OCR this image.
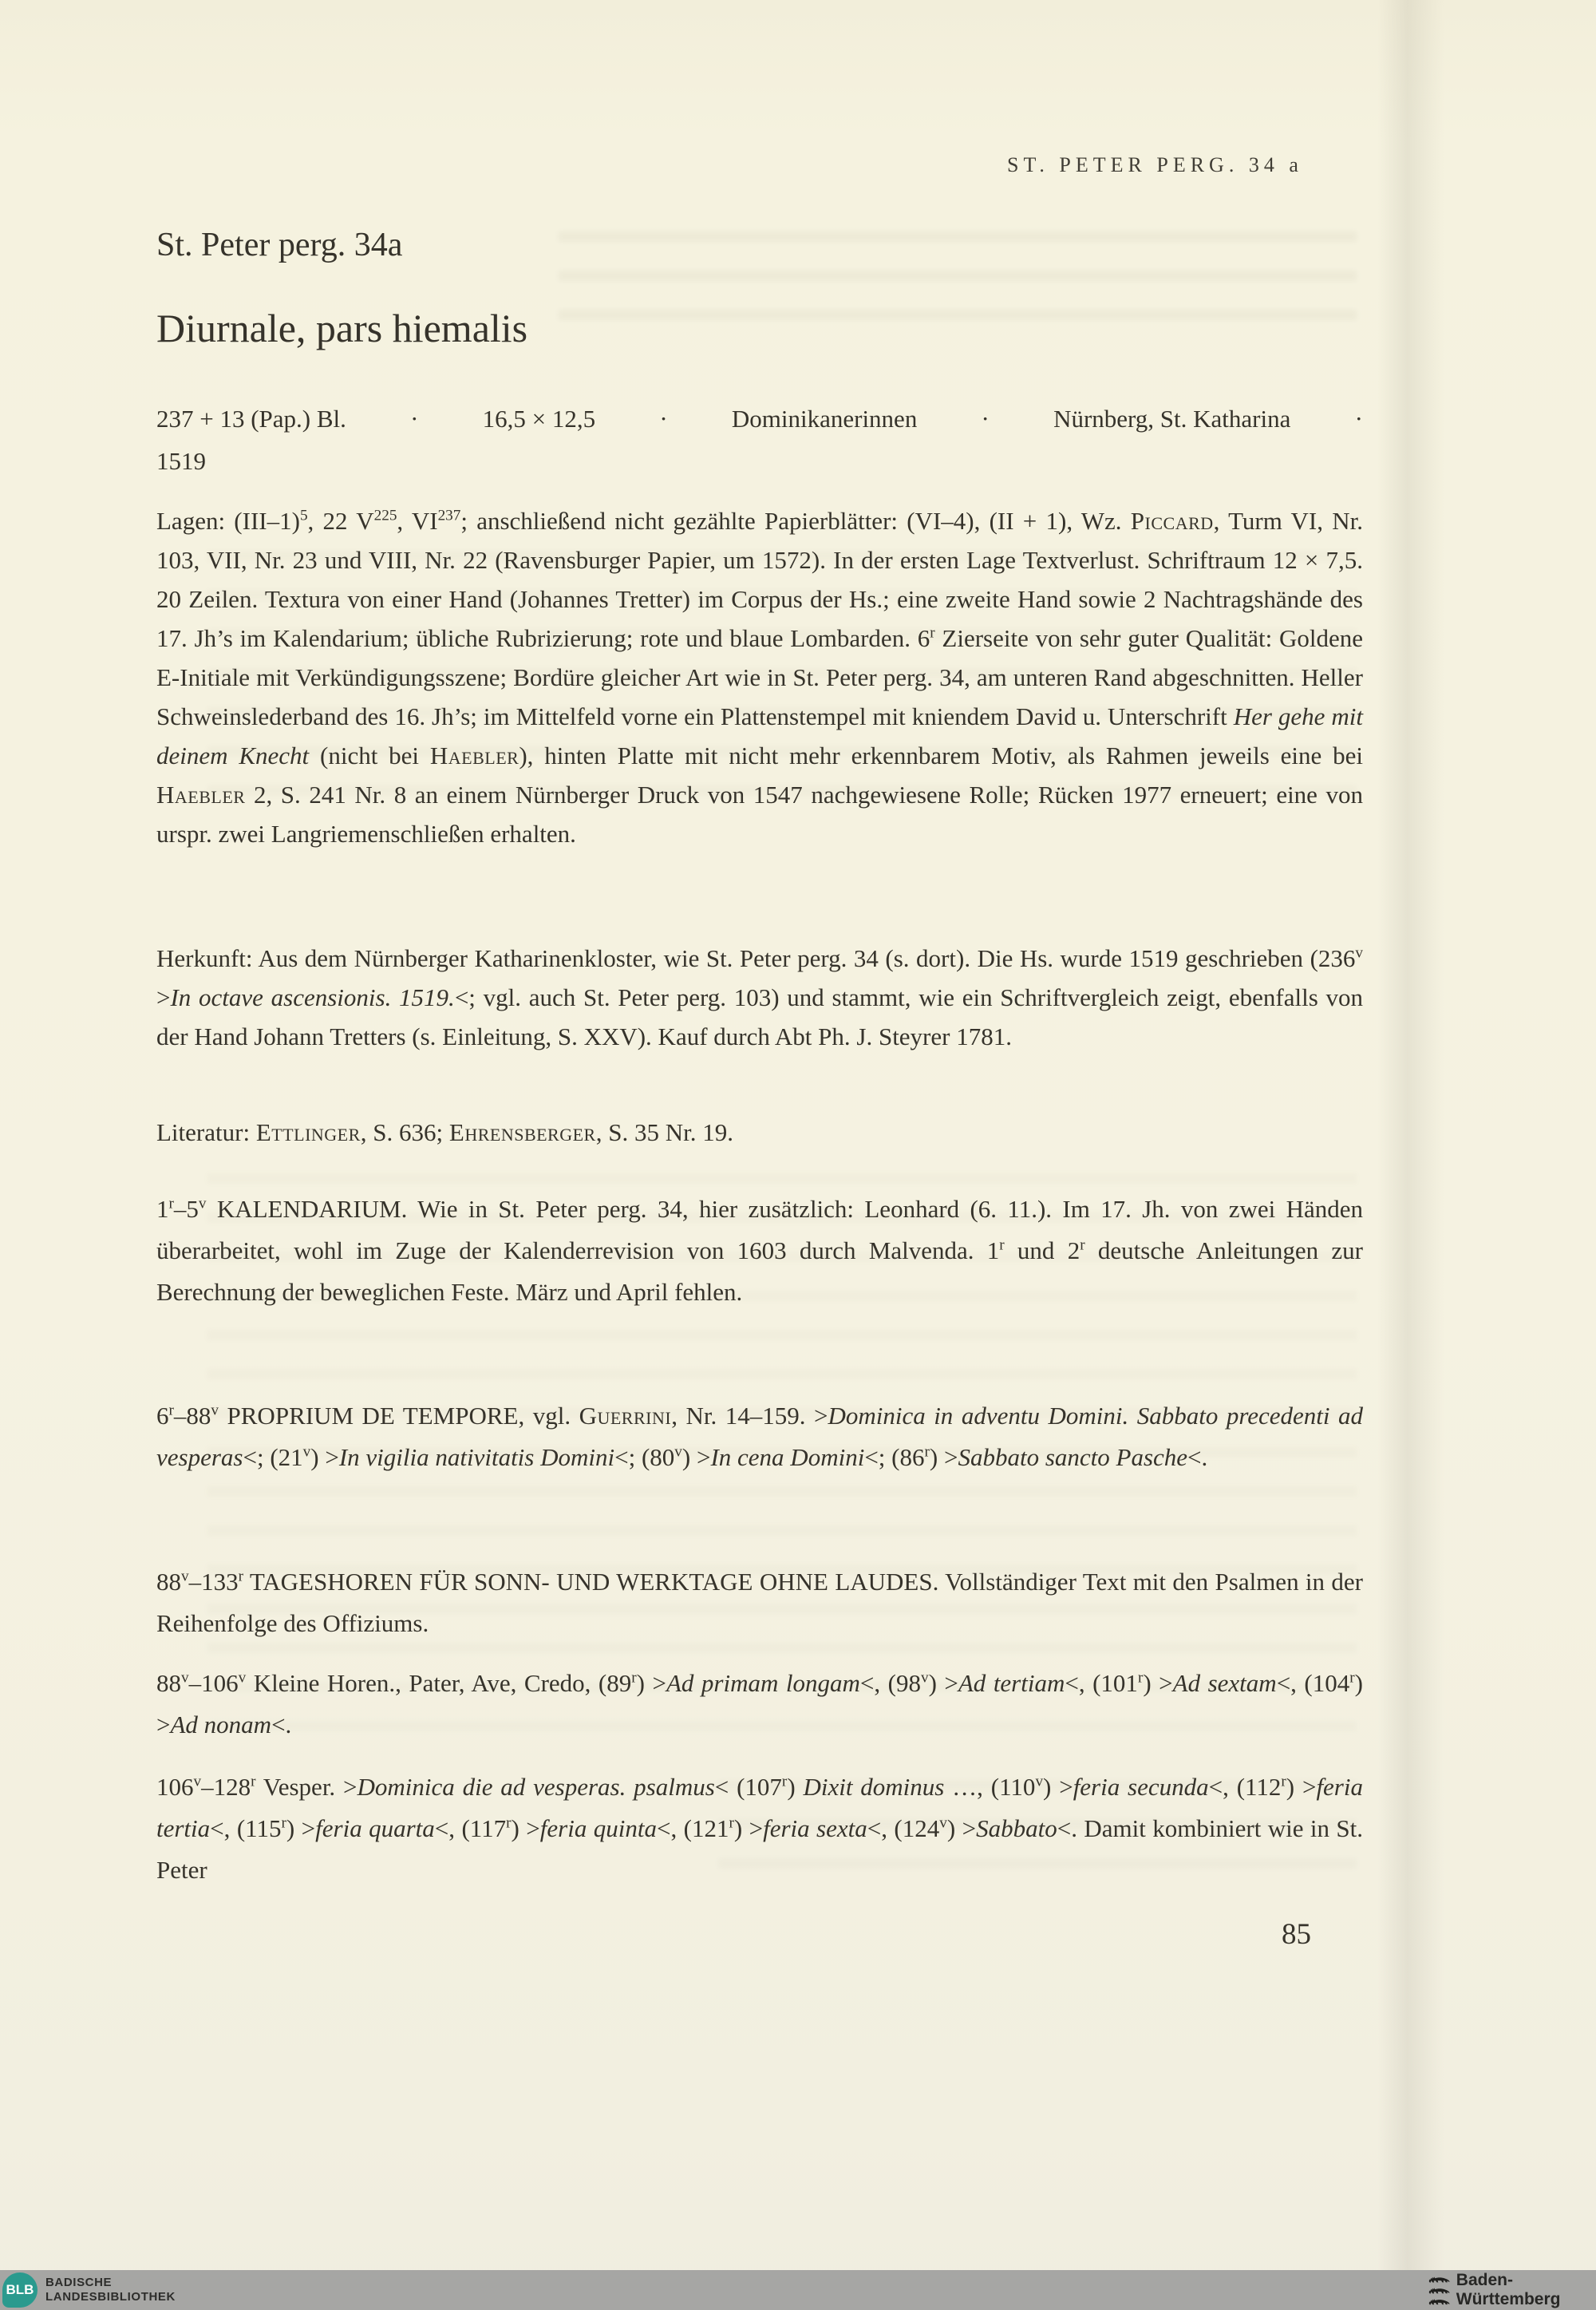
ST. PETER PERG. 34 a
St. Peter perg. 34a
Diurnale, pars hiemalis
237 + 13 (Pap.) Bl.	·	16,5 × 12,5	·	Dominikanerinnen	·	Nürnberg, St. Katharina	·
1519

Lagen: $(III-1)^5$, 22 $V^{225}$, VI$^{237}$; anschließend nicht gezählte Papierblätter: (VI–4), (II + 1), Wz. Piccard, Turm VI, Nr. 103, VII, Nr. 23 und VIII, Nr. 22 (Ravensburger Papier, um 1572). In der ersten Lage Textverlust. Schriftraum 12 × 7,5. 20 Zeilen. Textura von einer Hand (Johannes Tretter) im Corpus der Hs.; eine zweite Hand sowie 2 Nachtragshände des 17. Jh’s im Kalendarium; übliche Rubrizierung; rote und blaue Lombarden. 6$^r$ Zierseite von sehr guter Qualität: Goldene E-Initiale mit Verkündigungsszene; Bordüre gleicher Art wie in St. Peter perg. 34, am unteren Rand abgeschnitten. Heller Schweinslederband des 16. Jh’s; im Mittelfeld vorne ein Plattenstempel mit kniendem David u. Unterschrift Her gehe mit deinem Knecht (nicht bei Haebler), hinten Platte mit nicht mehr erkennbarem Motiv, als Rahmen jeweils eine bei Haebler 2, S. 241 Nr. 8 an einem Nürnberger Druck von 1547 nachgewiesene Rolle; Rücken 1977 erneuert; eine von urspr. zwei Langriemenschließen erhalten.

Herkunft: Aus dem Nürnberger Katharinenkloster, wie St. Peter perg. 34 (s. dort). Die Hs. wurde 1519 geschrieben ($236^v >In$ octave ascensionis. 1519.<; vgl. auch St. Peter perg. 103) und stammt, wie ein Schriftvergleich zeigt, ebenfalls von der Hand Johann Tretters (s. Einleitung, S. XXV). Kauf durch Abt Ph. J. Steyrer 1781.

Literatur: Ettlinger, S. 636; Ehrensberger, S. 35 Nr. 19.

1$^r$–5$^v$ KALENDARIUM. Wie in St. Peter perg. 34, hier zusätzlich: Leonhard (6. 11.). Im 17. Jh. von zwei Händen überarbeitet, wohl im Zuge der Kalenderrevision von 1603 durch Malvenda. 1$^r$ und 2$^r$ deutsche Anleitungen zur Berechnung der beweglichen Feste. März und April fehlen.

6$^r$–88$^v$ PROPRIUM DE TEMPORE, vgl. Guerrini, Nr. 14–159. >Dominica in adventu Domini. Sabbato precedenti ad vesperas<; $(21^v) >In$ vigilia nativitatis Domini<; $(80^v) >In$ cena Domini<; $(86^r)$ >Sabbato sancto Pasche<.

88$^v$–133$^r$ TAGESHOREN FÜR SONN- UND WERKTAGE OHNE LAUDES. Vollständiger Text mit den Psalmen in der Reihenfolge des Offiziums.

88$^v$–106$^v$ Kleine Horen., Pater, Ave, Credo, $(89^r) >Ad$ primam longam<, $(98^v) >Ad$ tertiam<, $(101^r) >Ad$ sextam<, $(104^r) >Ad$ nonam<.

106$^v$–128$^r$ Vesper. >Dominica die ad vesperas. psalmus< $(107^r)$ Dixit dominus …, $(110^v)$ >feria secunda<, $(112^r)$ >feria tertia<, $(115^r)$ >feria quarta<, $(117^r)$ >feria quinta<, $(121^r)$ >feria sexta<, $(124^v)$ >Sabbato<. Damit kombiniert wie in St. Peter

85
BLB BADISCHE
LANDESBIBLIOTHEK
Baden-Württemberg
